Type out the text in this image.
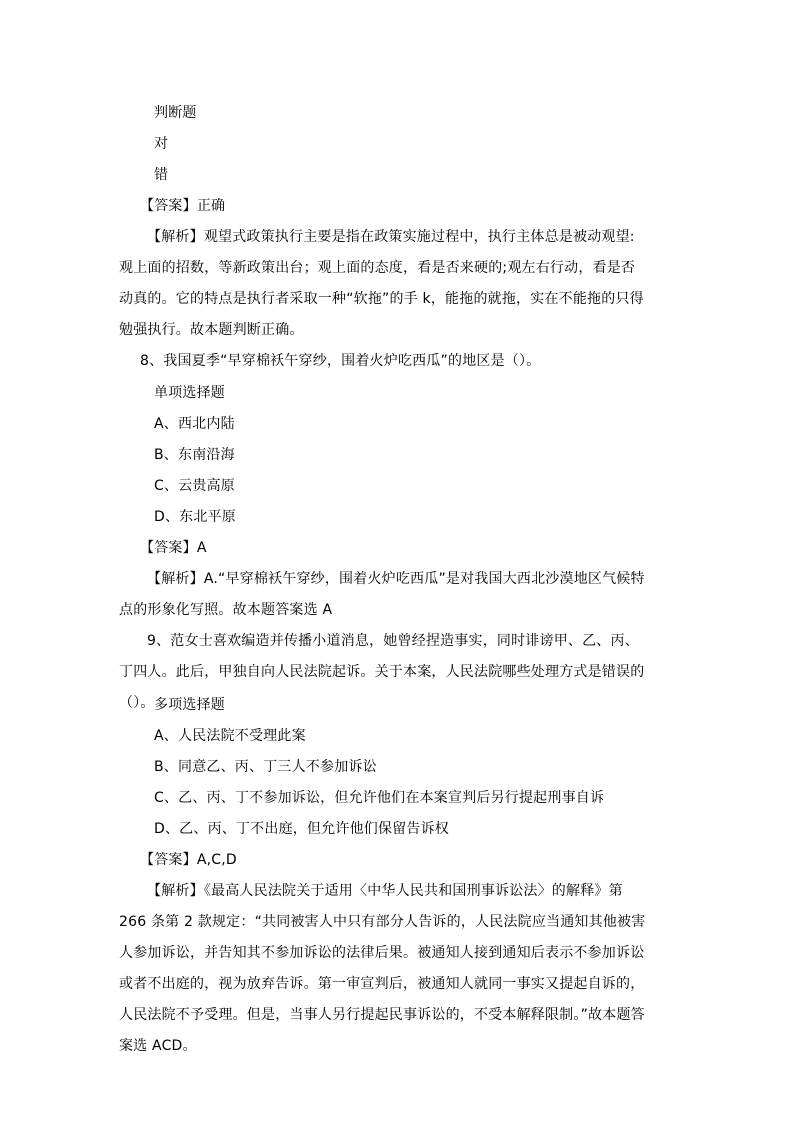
判断题
对
错
【答案】正确

【解析】观望式政策执行主要是指在政策实施过程中，执行主体总是被动观望:观上面的招数，等新政策出台；观上面的态度，看是否来硬的;观左右行动，看是否动真的。它的特点是执行者采取一种“软拖”的手 k，能拖的就拖，实在不能拖的只得勉强执行。故本题判断正确。

8、我国夏季“早穿棉袄午穿纱，围着火炉吃西瓜”的地区是（）。
单项选择题
A、西北内陆
B、东南沿海
C、云贵高原
D、东北平原
【答案】A

【解析】A.“早穿棉袄午穿纱，围着火炉吃西瓜”是对我国大西北沙漠地区气候特点的形象化写照。故本题答案选 A

9、范女士喜欢编造并传播小道消息，她曾经捏造事实，同时诽谤甲、乙、丙、丁四人。此后，甲独自向人民法院起诉。关于本案，人民法院哪些处理方式是错误的（）。 多项选择题
A、人民法院不受理此案
B、同意乙、丙、丁三人不参加诉讼
C、乙、丙、丁不参加诉讼，但允许他们在本案宣判后另行提起刑事自诉
D、乙、丙、丁不出庭，但允许他们保留告诉权
【答案】A,C,D

【解析】《最高人民法院关于适用〈中华人民共和国刑事诉讼法〉的解释》第 266 条第 2 款规定：“共同被害人中只有部分人告诉的，人民法院应当通知其他被害人参加诉讼，并告知其不参加诉讼的法律后果。被通知人接到通知后表示不参加诉讼或者不出庭的，视为放弃告诉。第一审宣判后，被通知人就同一事实又提起自诉的，人民法院不予受理。但是，当事人另行提起民事诉讼的，不受本解释限制。”故本题答案选 ACD。
